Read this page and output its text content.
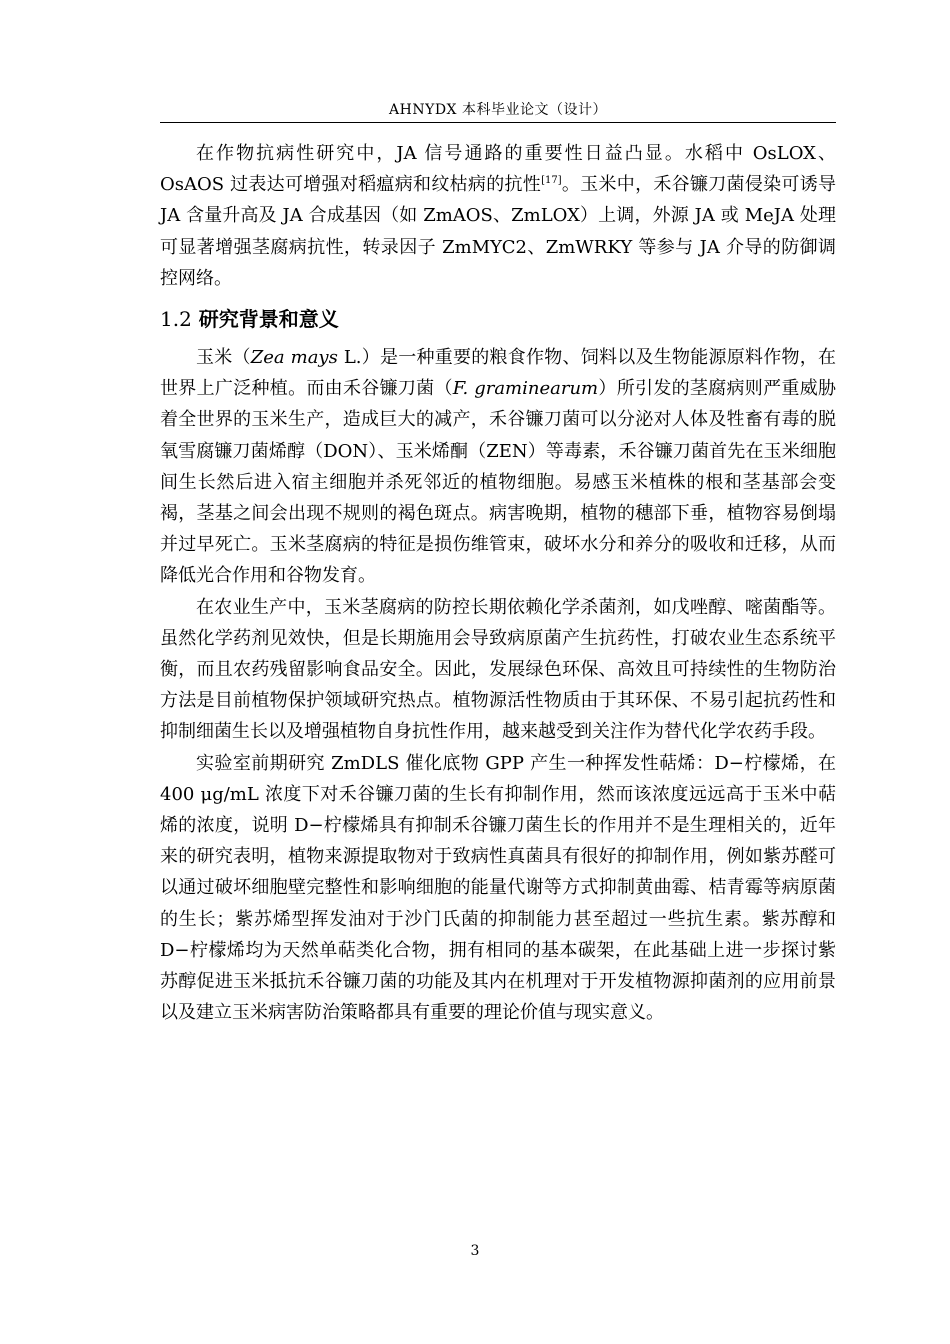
AHNYDX 本科毕业论文（设计）

在作物抗病性研究中，JA 信号通路的重要性日益凸显。水稻中 OsLOX、OsAOS 过表达可增强对稻瘟病和纹枯病的抗性[17]。玉米中，禾谷镰刀菌侵染可诱导 JA 含量升高及 JA 合成基因（如 ZmAOS、ZmLOX）上调，外源 JA 或 MeJA 处理可显著增强茎腐病抗性，转录因子 ZmMYC2、ZmWRKY 等参与 JA 介导的防御调控网络。

1.2 研究背景和意义

玉米（Zea mays L.）是一种重要的粮食作物、饲料以及生物能源原料作物，在世界上广泛种植。而由禾谷镰刀菌（F. graminearum）所引发的茎腐病则严重威胁着全世界的玉米生产，造成巨大的减产，禾谷镰刀菌可以分泌对人体及牲畜有毒的脱氧雪腐镰刀菌烯醇（DON）、玉米烯酮（ZEN）等毒素，禾谷镰刀菌首先在玉米细胞间生长然后进入宿主细胞并杀死邻近的植物细胞。易感玉米植株的根和茎基部会变褐，茎基之间会出现不规则的褐色斑点。病害晚期，植物的穗部下垂，植物容易倒塌并过早死亡。玉米茎腐病的特征是损伤维管束，破坏水分和养分的吸收和迁移，从而降低光合作用和谷物发育。

在农业生产中，玉米茎腐病的防控长期依赖化学杀菌剂，如戊唑醇、嘧菌酯等。虽然化学药剂见效快，但是长期施用会导致病原菌产生抗药性，打破农业生态系统平衡，而且农药残留影响食品安全。因此，发展绿色环保、高效且可持续性的生物防治方法是目前植物保护领域研究热点。植物源活性物质由于其环保、不易引起抗药性和抑制细菌生长以及增强植物自身抗性作用，越来越受到关注作为替代化学农药手段。

实验室前期研究 ZmDLS 催化底物 GPP 产生一种挥发性萜烯：D−柠檬烯，在 400 μg/mL 浓度下对禾谷镰刀菌的生长有抑制作用，然而该浓度远远高于玉米中萜烯的浓度，说明 D−柠檬烯具有抑制禾谷镰刀菌生长的作用并不是生理相关的，近年来的研究表明，植物来源提取物对于致病性真菌具有很好的抑制作用，例如紫苏醛可以通过破坏细胞壁完整性和影响细胞的能量代谢等方式抑制黄曲霉、桔青霉等病原菌的生长；紫苏烯型挥发油对于沙门氏菌的抑制能力甚至超过一些抗生素。紫苏醇和 D−柠檬烯均为天然单萜类化合物，拥有相同的基本碳架，在此基础上进一步探讨紫苏醇促进玉米抵抗禾谷镰刀菌的功能及其内在机理对于开发植物源抑菌剂的应用前景以及建立玉米病害防治策略都具有重要的理论价值与现实意义。

3
